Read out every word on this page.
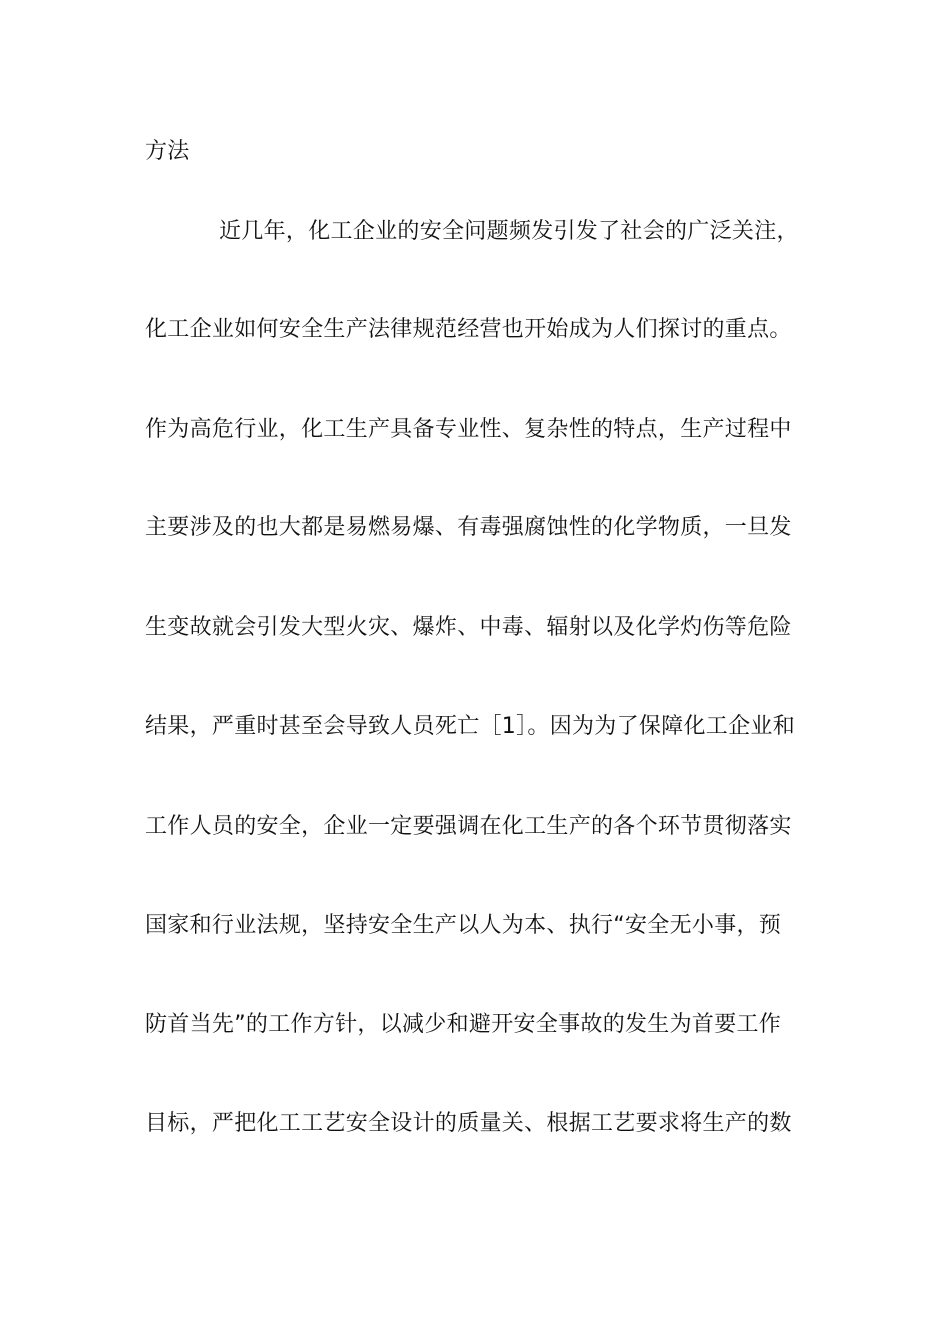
方法
近几年，化工企业的安全问题频发引发了社会的广泛关注，
化工企业如何安全生产法律规范经营也开始成为人们探讨的重点。
作为高危行业，化工生产具备专业性、复杂性的特点，生产过程中
主要涉及的也大都是易燃易爆、有毒强腐蚀性的化学物质，一旦发
生变故就会引发大型火灾、爆炸、中毒、辐射以及化学灼伤等危险
结果，严重时甚至会导致人员死亡［1］。因为为了保障化工企业和
工作人员的安全，企业一定要强调在化工生产的各个环节贯彻落实
国家和行业法规，坚持安全生产以人为本、执行“安全无小事，预
防首当先”的工作方针，以减少和避开安全事故的发生为首要工作
目标，严把化工工艺安全设计的质量关、根据工艺要求将生产的数
